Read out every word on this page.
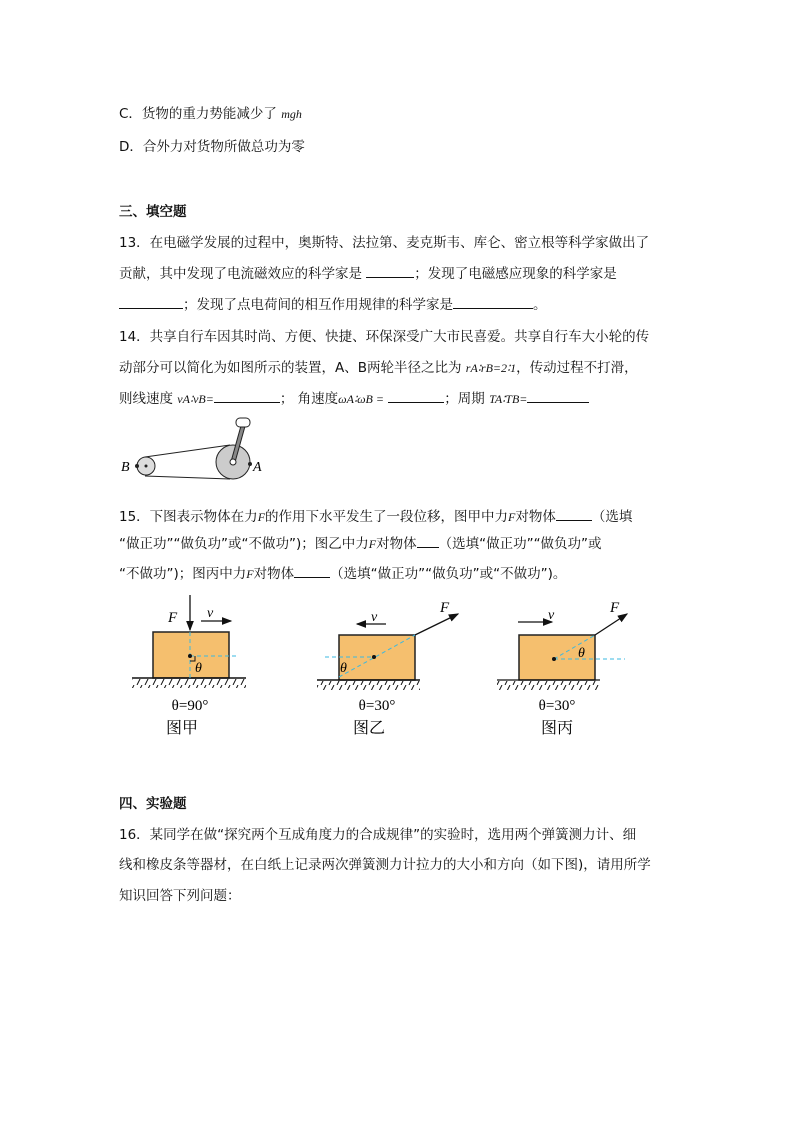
C．货物的重力势能减少了 mgh
D．合外力对货物所做总功为零
三、填空题
13．在电磁学发展的过程中，奥斯特、法拉第、麦克斯韦、库仑、密立根等科学家做出了
贡献，其中发现了电流磁效应的科学家是	；发现了电磁感应现象的科学家是
；发现了点电荷间的相互作用规律的科学家是	。
14．共享自行车因其时尚、方便、快捷、环保深受广大市民喜爱。共享自行车大小轮的传
动部分可以简化为如图所示的装置，A、B两轮半径之比为 rA∶rB=2∶1，传动过程不打滑，
则线速度 vA∶vB=	； 角速度ωA∶ωB =	；周期 TA∶TB=
B	A
15．下图表示物体在力F的作用下水平发生了一段位移，图甲中力F对物体	（选填
“做正功”“做负功”或“不做功”)；图乙中力F对物体 （选填“做正功”“做负功”或
“不做功”)；图丙中力F对物体	（选填“做正功”“做负功”或“不做功”)。
F v
θ
θ=90°
图甲
F
v
θ
θ=30°
图乙
F
v
θ
θ=30°
图丙
四、实验题
16．某同学在做“探究两个互成角度力的合成规律”的实验时，选用两个弹簧测力计、细
线和橡皮条等器材，在白纸上记录两次弹簧测力计拉力的大小和方向（如下图)，请用所学
知识回答下列问题：
